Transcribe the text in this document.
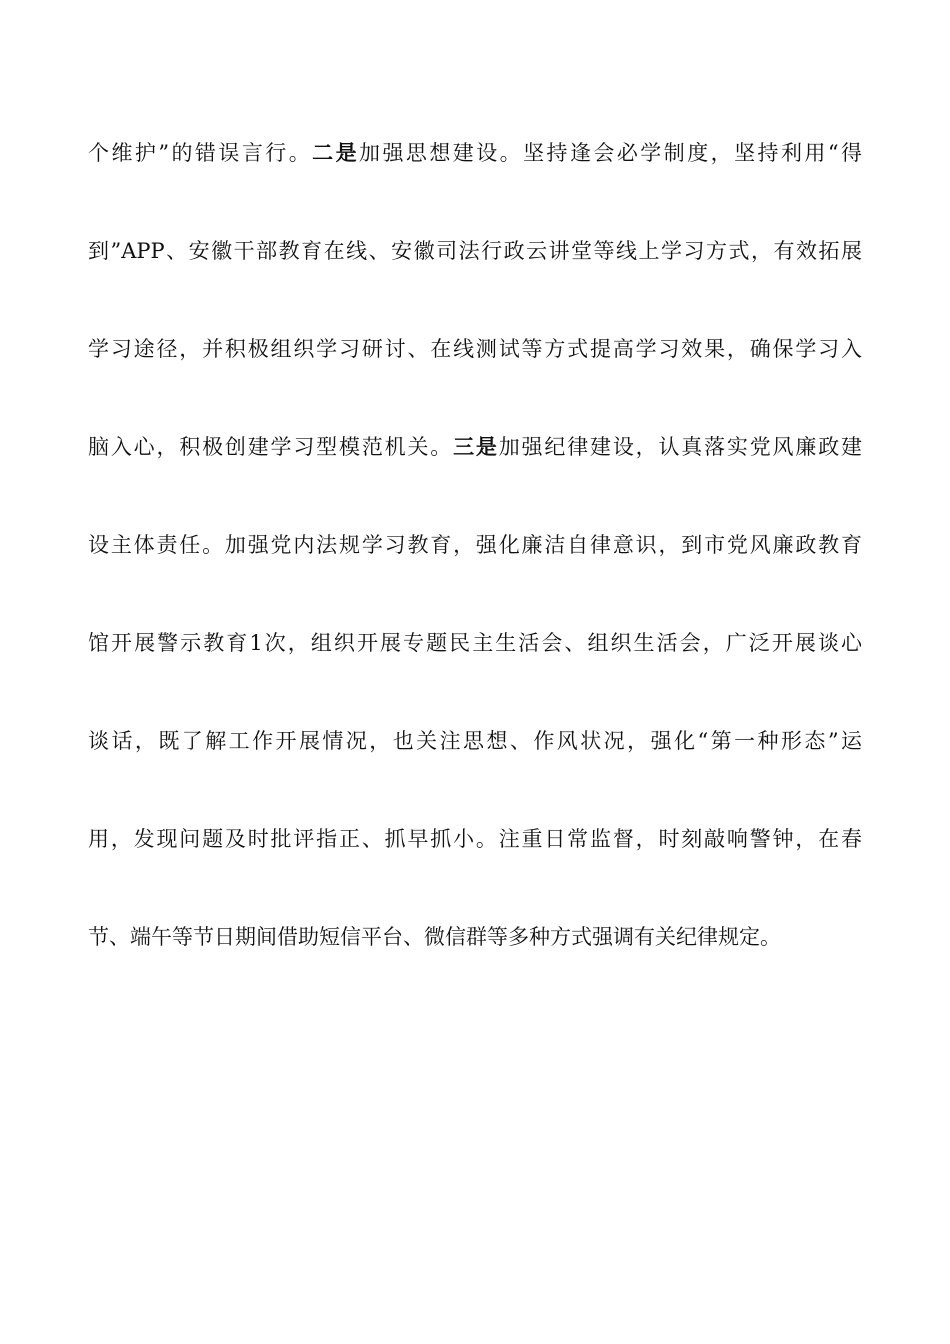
个维护”的错误言行。二是加强思想建设。坚持逢会必学制度，坚持利用“得
到”APP、安徽干部教育在线、安徽司法行政云讲堂等线上学习方式，有效拓展
学习途径，并积极组织学习研讨、在线测试等方式提高学习效果，确保学习入
脑入心，积极创建学习型模范机关。三是加强纪律建设，认真落实党风廉政建
设主体责任。加强党内法规学习教育，强化廉洁自律意识，到市党风廉政教育
馆开展警示教育1次，组织开展专题民主生活会、组织生活会，广泛开展谈心
谈话，既了解工作开展情况，也关注思想、作风状况，强化“第一种形态”运
用，发现问题及时批评指正、抓早抓小。注重日常监督，时刻敲响警钟，在春
节、端午等节日期间借助短信平台、微信群等多种方式强调有关纪律规定。
